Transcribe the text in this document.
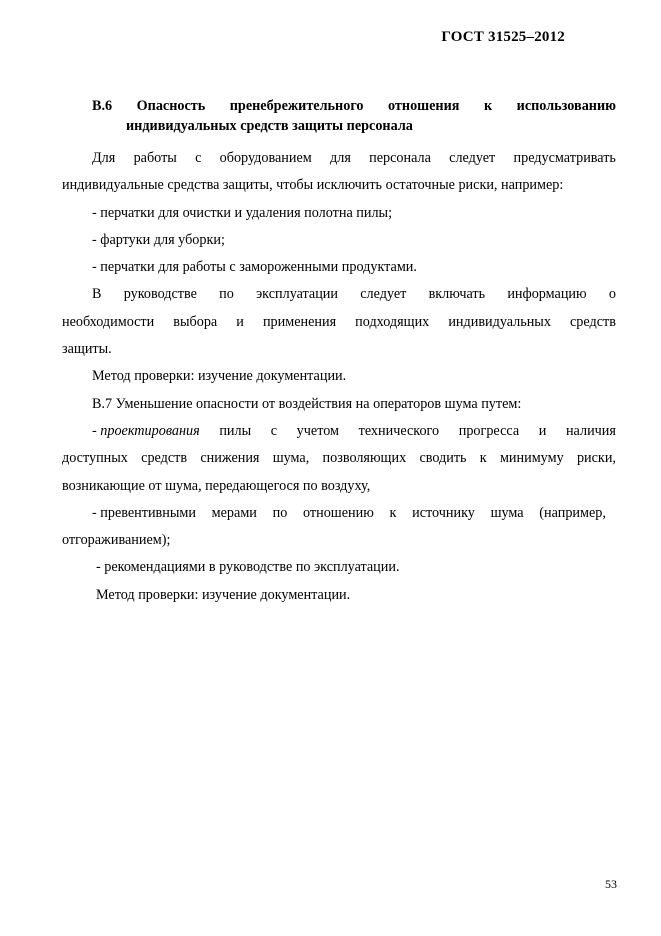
ГОСТ 31525–2012
В.6 Опасность пренебрежительного отношения к использованию
индивидуальных средств защиты персонала
Для работы с оборудованием для персонала следует предусматривать
индивидуальные средства защиты, чтобы исключить остаточные риски, например:
- перчатки для очистки и удаления полотна пилы;
- фартуки для уборки;
- перчатки для работы с замороженными продуктами.
В руководстве по эксплуатации следует включать информацию о
необходимости выбора и применения подходящих индивидуальных средств
защиты.
Метод проверки: изучение документации.
В.7 Уменьшение опасности от воздействия на операторов шума путем:
- проектирования пилы с учетом технического прогресса и наличия
доступных средств снижения шума, позволяющих сводить к минимуму риски,
возникающие от шума, передающегося по воздуху,
- превентивными мерами по отношению к источнику шума (например,
отгораживанием);
- рекомендациями в руководстве по эксплуатации.
Метод проверки: изучение документации.
53
